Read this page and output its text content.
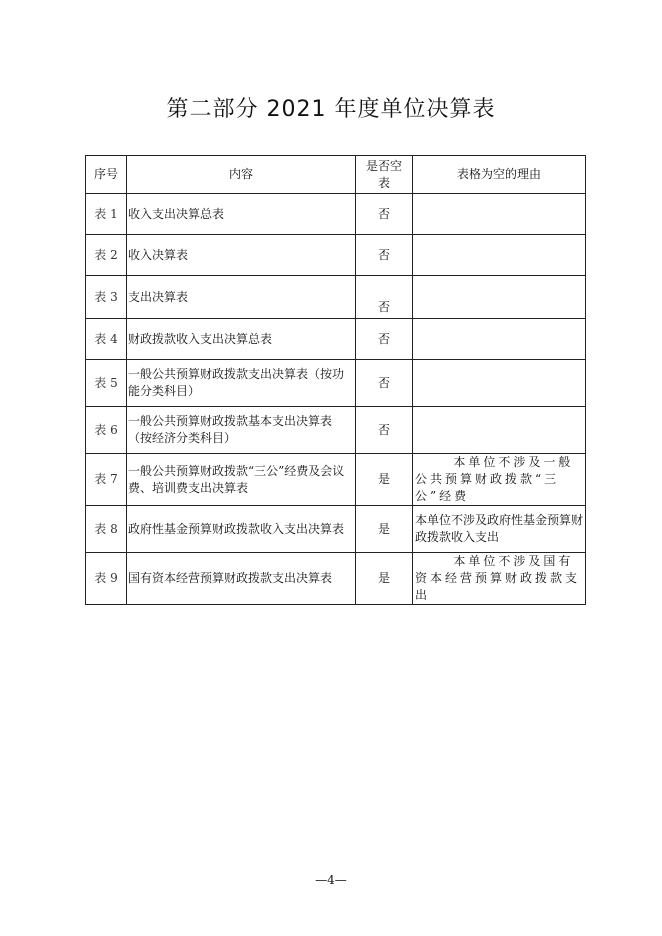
第二部分 2021 年度单位决算表
序号	内容	是否空表	表格为空的理由
表 1	收入支出决算总表	否	
表 2	收入决算表	否	
表 3	支出决算表	否	
表 4	财政拨款收入支出决算总表	否	
表 5	一般公共预算财政拨款支出决算表（按功能分类科目）	否	
表 6	一般公共预算财政拨款基本支出决算表（按经济分类科目）	否	
表 7	一般公共预算财政拨款“三公”经费及会议费、培训费支出决算表	是	本单位不涉及一般公共预算财政拨款“三公”经费
表 8	政府性基金预算财政拨款收入支出决算表	是	本单位不涉及政府性基金预算财政拨款收入支出
表 9	国有资本经营预算财政拨款支出决算表	是	本单位不涉及国有资本经营预算财政拨款支出
—4—
